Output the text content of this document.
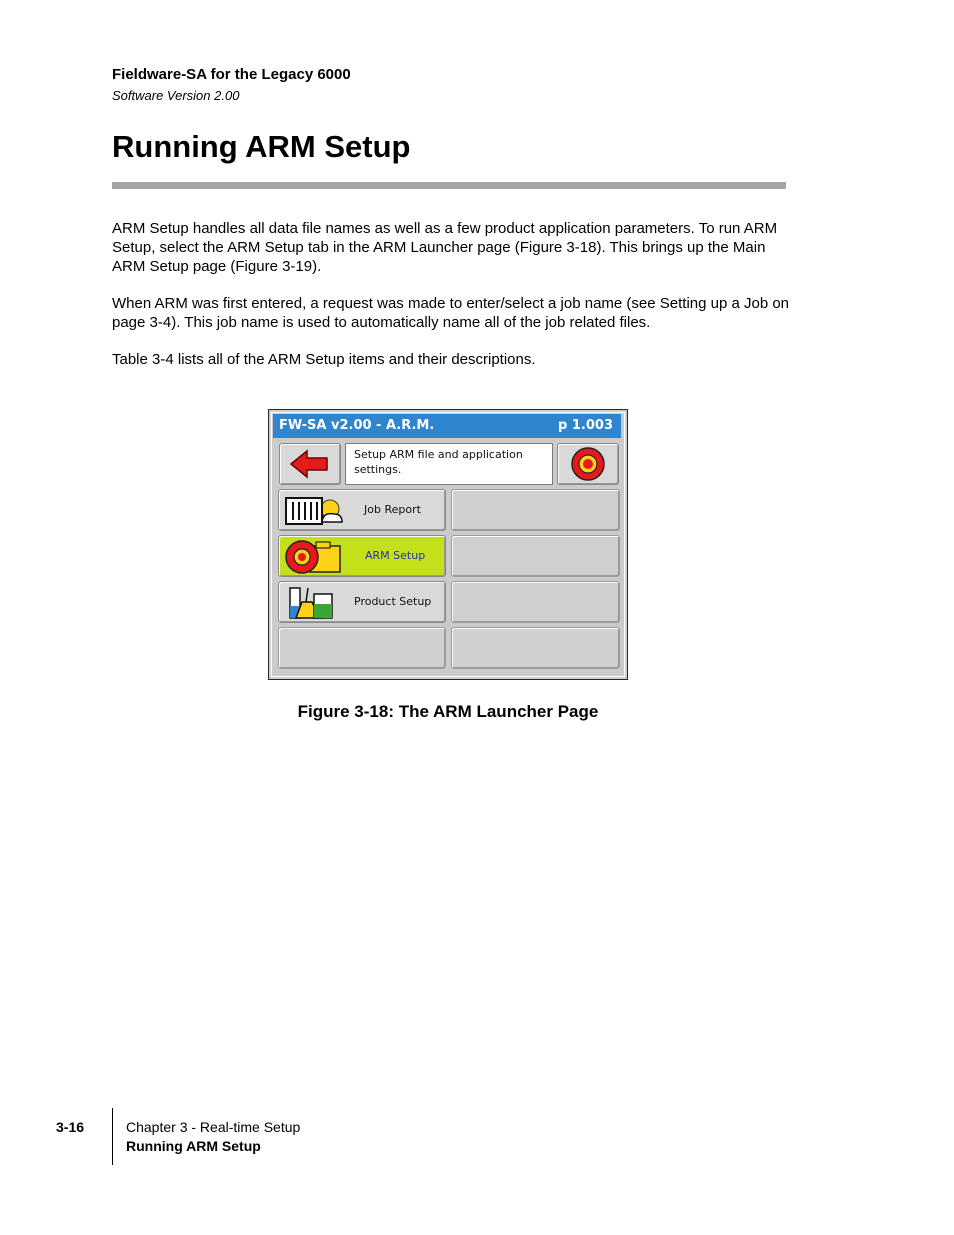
Fieldware-SA for the Legacy 6000
Software Version 2.00
Running ARM Setup
ARM Setup handles all data file names as well as a few product application parameters. To run ARM Setup, select the ARM Setup tab in the ARM Launcher page (Figure 3-18). This brings up the Main ARM Setup page (Figure 3-19).
When ARM was first entered, a request was made to enter/select a job name (see Setting up a Job on page 3-4). This job name is used to automatically name all of the job related files.
Table 3-4 lists all of the ARM Setup items and their descriptions.
FW-SA v2.00 - A.R.M.	p 1.003
Setup ARM file and application settings.
Job Report
ARM Setup
Product Setup
Figure 3-18: The ARM Launcher Page
3-16	Chapter 3 - Real-time Setup
Running ARM Setup
